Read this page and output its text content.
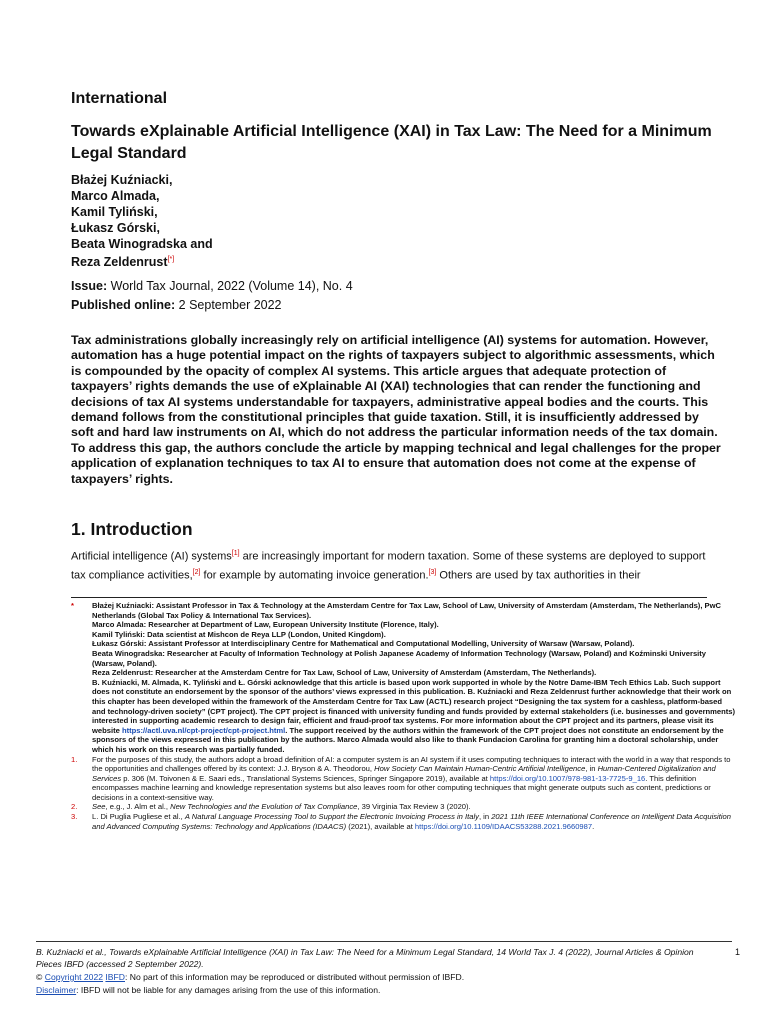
International
Towards eXplainable Artificial Intelligence (XAI) in Tax Law: The Need for a Minimum Legal Standard
Błażej Kuźniacki,
Marco Almada,
Kamil Tyliński,
Łukasz Górski,
Beata Winogradska and
Reza Zeldenrust[*]
Issue: World Tax Journal, 2022 (Volume 14), No. 4
Published online: 2 September 2022
Tax administrations globally increasingly rely on artificial intelligence (AI) systems for automation. However, automation has a huge potential impact on the rights of taxpayers subject to algorithmic assessments, which is compounded by the opacity of complex AI systems. This article argues that adequate protection of taxpayers’ rights demands the use of eXplainable AI (XAI) technologies that can render the functioning and decisions of tax AI systems understandable for taxpayers, administrative appeal bodies and the courts. This demand follows from the constitutional principles that guide taxation. Still, it is insufficiently addressed by soft and hard law instruments on AI, which do not address the particular information needs of the tax domain. To address this gap, the authors conclude the article by mapping technical and legal challenges for the proper application of explanation techniques to tax AI to ensure that automation does not come at the expense of taxpayers’ rights.
1. Introduction
Artificial intelligence (AI) systems[1] are increasingly important for modern taxation. Some of these systems are deployed to support tax compliance activities,[2] for example by automating invoice generation.[3] Others are used by tax authorities in their
* Błażej Kuźniacki: Assistant Professor in Tax & Technology at the Amsterdam Centre for Tax Law, School of Law, University of Amsterdam (Amsterdam, The Netherlands), PwC Netherlands (Global Tax Policy & International Tax Services).
Marco Almada: Researcher at Department of Law, European University Institute (Florence, Italy).
Kamil Tyliński: Data scientist at Mishcon de Reya LLP (London, United Kingdom).
Łukasz Górski: Assistant Professor at Interdisciplinary Centre for Mathematical and Computational Modelling, University of Warsaw (Warsaw, Poland).
Beata Winogradska: Researcher at Faculty of Information Technology at Polish Japanese Academy of Information Technology (Warsaw, Poland) and Koźminski University (Warsaw, Poland).
Reza Zeldenrust: Researcher at the Amsterdam Centre for Tax Law, School of Law, University of Amsterdam (Amsterdam, The Netherlands).
B. Kuźniacki, M. Almada, K. Tyliński and Ł. Górski acknowledge that this article is based upon work supported in whole by the Notre Dame-IBM Tech Ethics Lab. Such support does not constitute an endorsement by the sponsor of the authors’ views expressed in this publication. B. Kuźniacki and Reza Zeldenrust further acknowledge that their work on this chapter has been developed within the framework of the Amsterdam Centre for Tax Law (ACTL) research project “Designing the tax system for a cashless, platform-based and technology-driven society” (CPT project). The CPT project is financed with university funding and funds provided by external stakeholders (i.e. businesses and governments) interested in supporting academic research to design fair, efficient and fraud-proof tax systems. For more information about the CPT project and its partners, please visit its website https://actl.uva.nl/cpt-project/cpt-project.html. The support received by the authors within the framework of the CPT project does not constitute an endorsement by the sponsors of the views expressed in this publication by the authors. Marco Almada would also like to thank Fundacion Carolina for granting him a doctoral scholarship, under which his work on this research was partially funded.
1. For the purposes of this study, the authors adopt a broad definition of AI: a computer system is an AI system if it uses computing techniques to interact with the world in a way that responds to the opportunities and challenges offered by its context: J.J. Bryson & A. Theodorou, How Society Can Maintain Human-Centric Artificial Intelligence, in Human-Centered Digitalization and Services p. 306 (M. Toivonen & E. Saari eds., Translational Systems Sciences, Springer Singapore 2019), available at https://doi.org/10.1007/978-981-13-7725-9_16. This definition encompasses machine learning and knowledge representation systems but also leaves room for other computing techniques that might generate outputs such as content, predictions or decisions in a context-sensitive way.
2. See, e.g., J. Alm et al., New Technologies and the Evolution of Tax Compliance, 39 Virginia Tax Review 3 (2020).
3. L. Di Puglia Pugliese et al., A Natural Language Processing Tool to Support the Electronic Invoicing Process in Italy, in 2021 11th IEEE International Conference on Intelligent Data Acquisition and Advanced Computing Systems: Technology and Applications (IDAACS) (2021), available at https://doi.org/10.1109/IDAACS53288.2021.9660987.
B. Kuźniacki et al., Towards eXplainable Artificial Intelligence (XAI) in Tax Law: The Need for a Minimum Legal Standard, 14 World Tax J. 4 (2022), Journal Articles & Opinion Pieces IBFD (accessed 2 September 2022).
1
© Copyright 2022 IBFD: No part of this information may be reproduced or distributed without permission of IBFD.
Disclaimer: IBFD will not be liable for any damages arising from the use of this information.
